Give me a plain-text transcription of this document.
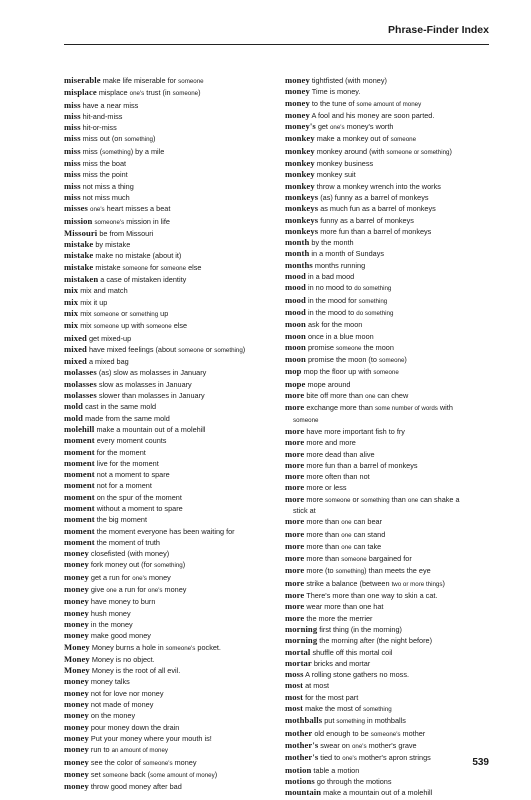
Phrase-Finder Index
miserable make life miserable for someone
misplace misplace one's trust (in someone)
miss have a near miss
miss hit-and-miss
miss hit-or-miss
miss miss out (on something)
miss miss (something) by a mile
miss miss the boat
miss miss the point
miss not miss a thing
miss not miss much
misses one's heart misses a beat
mission someone's mission in life
Missouri be from Missouri
mistake by mistake
mistake make no mistake (about it)
mistake mistake someone for someone else
mistaken a case of mistaken identity
mix mix and match
mix mix it up
mix mix someone or something up
mix mix someone up with someone else
mixed get mixed-up
mixed have mixed feelings (about someone or something)
mixed a mixed bag
molasses (as) slow as molasses in January
molasses slow as molasses in January
molasses slower than molasses in January
mold cast in the same mold
mold made from the same mold
molehill make a mountain out of a molehill
moment every moment counts
moment for the moment
moment live for the moment
moment not a moment to spare
moment not for a moment
moment on the spur of the moment
moment without a moment to spare
moment the big moment
moment the moment everyone has been waiting for
moment the moment of truth
money closefisted (with money)
money fork money out (for something)
money get a run for one's money
money give one a run for one's money
money have money to burn
money hush money
money in the money
money make good money
Money Money burns a hole in someone's pocket.
Money Money is no object.
Money Money is the root of all evil.
money money talks
money not for love nor money
money not made of money
money on the money
money pour money down the drain
money Put your money where your mouth is!
money run to an amount of money
money see the color of someone's money
money set someone back (some amount of money)
money throw good money after bad
money tightfisted (with money)
money Time is money.
money to the tune of some amount of money
money A fool and his money are soon parted.
money's get one's money's worth
monkey make a monkey out of someone
monkey monkey around (with someone or something)
monkey monkey business
monkey monkey suit
monkey throw a monkey wrench into the works
monkeys (as) funny as a barrel of monkeys
monkeys as much fun as a barrel of monkeys
monkeys funny as a barrel of monkeys
monkeys more fun than a barrel of monkeys
month by the month
month in a month of Sundays
months months running
mood in a bad mood
mood in no mood to do something
mood in the mood for something
mood in the mood to do something
moon ask for the moon
moon once in a blue moon
moon promise someone the moon
moon promise the moon (to someone)
mop mop the floor up with someone
mope mope around
more bite off more than one can chew
more exchange more than some number of words with
someone
more have more important fish to fry
more more and more
more more dead than alive
more more fun than a barrel of monkeys
more more often than not
more more or less
more more someone or something than one can shake a
stick at
more more than one can bear
more more than one can stand
more more than one can take
more more than someone bargained for
more more (to something) than meets the eye
more strike a balance (between two or more things)
more There's more than one way to skin a cat.
more wear more than one hat
more the more the merrier
morning first thing (in the morning)
morning the morning after (the night before)
mortal shuffle off this mortal coil
mortar bricks and mortar
moss A rolling stone gathers no moss.
most at most
most for the most part
most make the most of something
mothballs put something in mothballs
mother old enough to be someone's mother
mother's swear on one's mother's grave
mother's tied to one's mother's apron strings
motion table a motion
motions go through the motions
mountain make a mountain out of a molehill
539
